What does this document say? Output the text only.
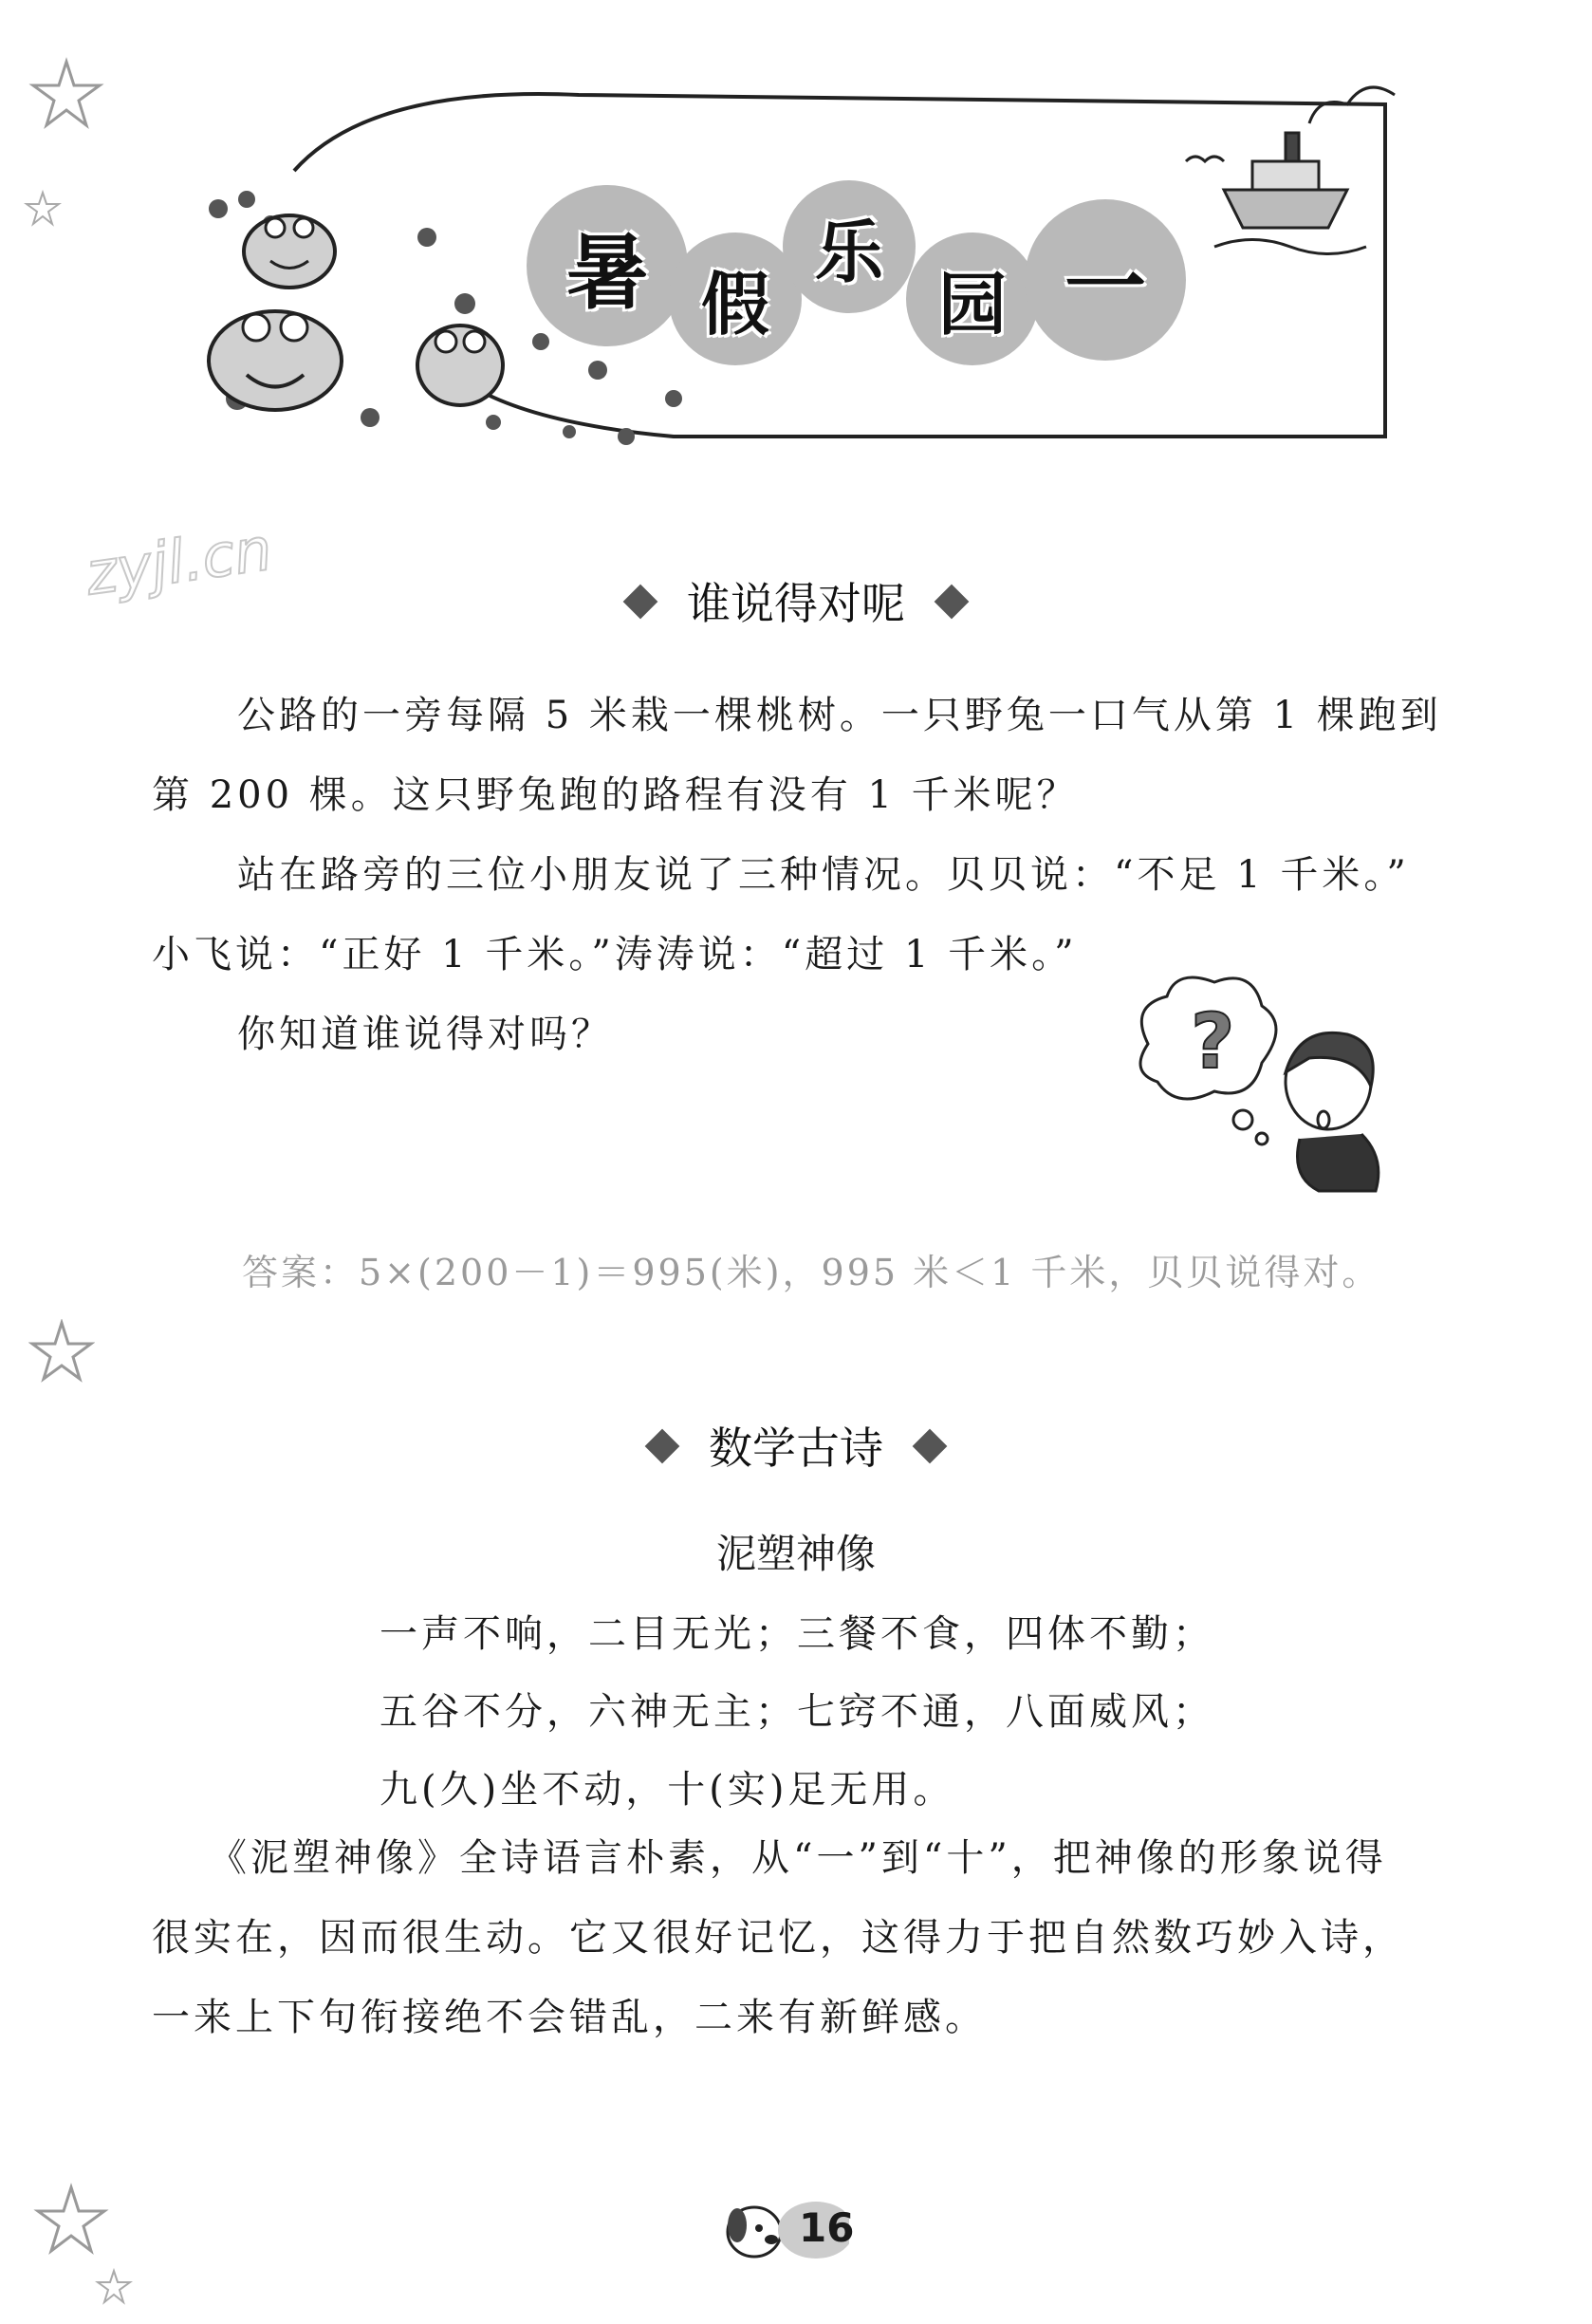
暑 假
乐
园 一
zyjl.cn	谁说得对呢
公路的一旁每隔 5 米栽一棵桃树。一只野兔一口气从第 1 棵跑到
第 200 棵。这只野兔跑的路程有没有 1 千米呢？
站在路旁的三位小朋友说了三种情况。贝贝说：“不足 1 千米。”
小飞说：“正好 1 千米。”涛涛说：“超过 1 千米。”
你知道谁说得对吗？	?
答案：5×(200－1)＝995(米)，995 米＜1 千米，贝贝说得对。
数学古诗
泥塑神像
一声不响，二目无光；三餐不食，四体不勤；
五谷不分，六神无主；七窍不通，八面威风；
九(久)坐不动，十(实)足无用。
《泥塑神像》全诗语言朴素，从“一”到“十”，把神像的形象说得
很实在，因而很生动。它又很好记忆，这得力于把自然数巧妙入诗，
一来上下句衔接绝不会错乱，二来有新鲜感。
16
